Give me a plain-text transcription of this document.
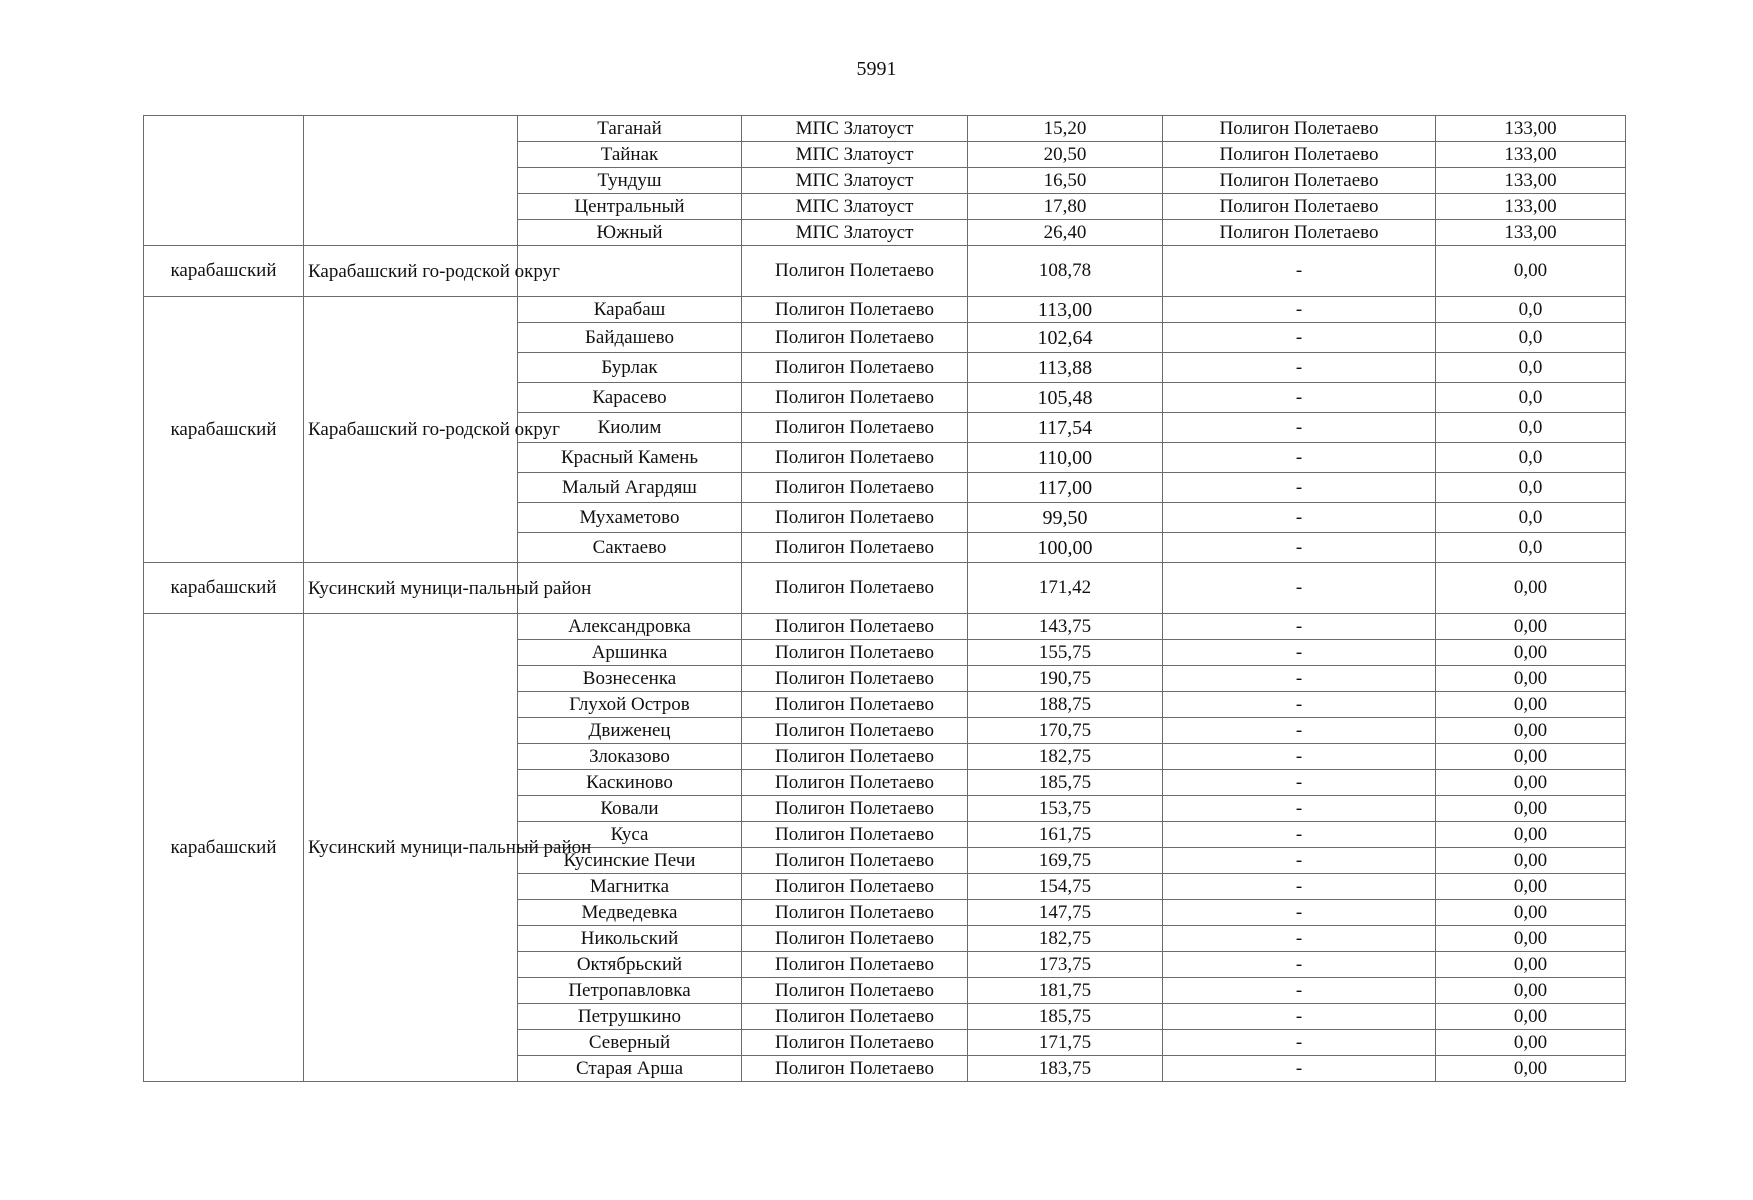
5991
		Таганай	МПС Златоуст	15,20	Полигон Полетаево	133,00
		Тайнак	МПС Златоуст	20,50	Полигон Полетаево	133,00
		Тундуш	МПС Златоуст	16,50	Полигон Полетаево	133,00
		Центральный	МПС Златоуст	17,80	Полигон Полетаево	133,00
		Южный	МПС Златоуст	26,40	Полигон Полетаево	133,00
карабашский	Карабашский го-родской округ		Полигон Полетаево	108,78	-	0,00
карабашский	Карабашский го-родской округ	Карабаш	Полигон Полетаево	113,00	-	0,0
		Байдашево	Полигон Полетаево	102,64	-	0,0
		Бурлак	Полигон Полетаево	113,88	-	0,0
		Карасево	Полигон Полетаево	105,48	-	0,0
		Киолим	Полигон Полетаево	117,54	-	0,0
		Красный Камень	Полигон Полетаево	110,00	-	0,0
		Малый Агардяш	Полигон Полетаево	117,00	-	0,0
		Мухаметово	Полигон Полетаево	99,50	-	0,0
		Сактаево	Полигон Полетаево	100,00	-	0,0
карабашский	Кусинский муници-пальный район		Полигон Полетаево	171,42	-	0,00
карабашский	Кусинский муници-пальный район	Александровка	Полигон Полетаево	143,75	-	0,00
		Аршинка	Полигон Полетаево	155,75	-	0,00
		Вознесенка	Полигон Полетаево	190,75	-	0,00
		Глухой Остров	Полигон Полетаево	188,75	-	0,00
		Движенец	Полигон Полетаево	170,75	-	0,00
		Злоказово	Полигон Полетаево	182,75	-	0,00
		Каскиново	Полигон Полетаево	185,75	-	0,00
		Ковали	Полигон Полетаево	153,75	-	0,00
		Куса	Полигон Полетаево	161,75	-	0,00
		Кусинские Печи	Полигон Полетаево	169,75	-	0,00
		Магнитка	Полигон Полетаево	154,75	-	0,00
		Медведевка	Полигон Полетаево	147,75	-	0,00
		Никольский	Полигон Полетаево	182,75	-	0,00
		Октябрьский	Полигон Полетаево	173,75	-	0,00
		Петропавловка	Полигон Полетаево	181,75	-	0,00
		Петрушкино	Полигон Полетаево	185,75	-	0,00
		Северный	Полигон Полетаево	171,75	-	0,00
		Старая Арша	Полигон Полетаево	183,75	-	0,00
